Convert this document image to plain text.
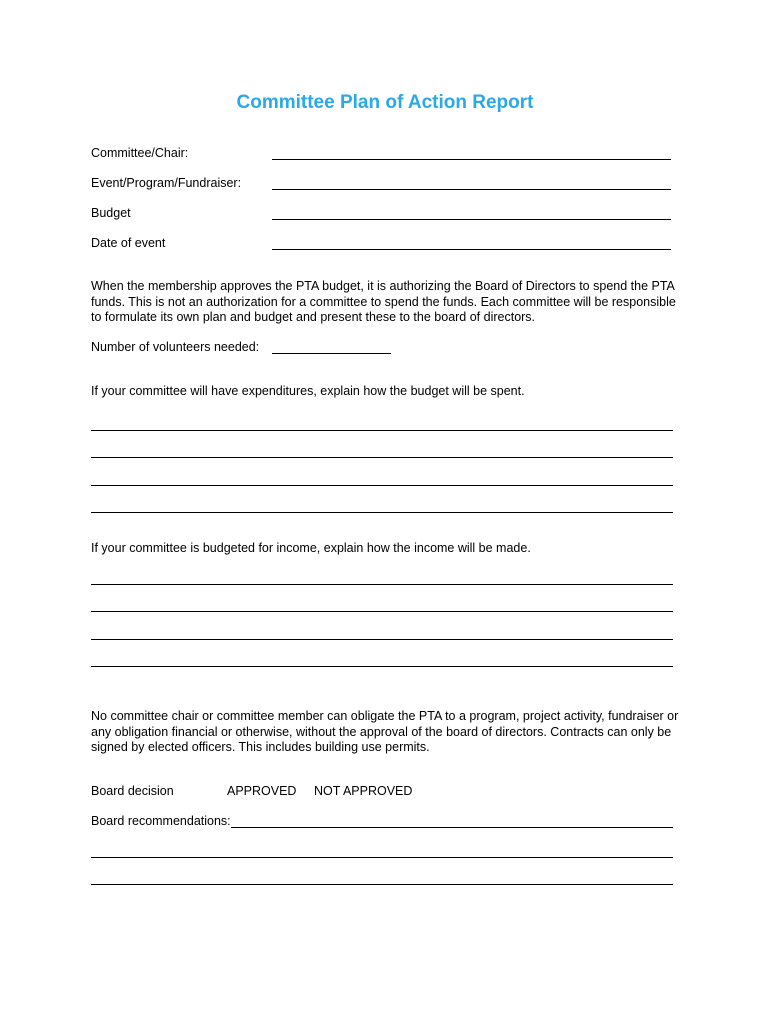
Committee Plan of Action Report
Committee/Chair:
Event/Program/Fundraiser:
Budget
Date of event

When the membership approves the PTA budget, it is authorizing the Board of Directors to spend the PTA funds. This is not an authorization for a committee to spend the funds. Each committee will be responsible to formulate its own plan and budget and present these to the board of directors.

Number of volunteers needed:
If your committee will have expenditures, explain how the budget will be spent.
If your committee is budgeted for income, explain how the income will be made.

No committee chair or committee member can obligate the PTA to a program, project activity, fundraiser or any obligation financial or otherwise, without the approval of the board of directors. Contracts can only be signed by elected officers. This includes building use permits.

Board decision	APPROVED NOT APPROVED
Board recommendations:
